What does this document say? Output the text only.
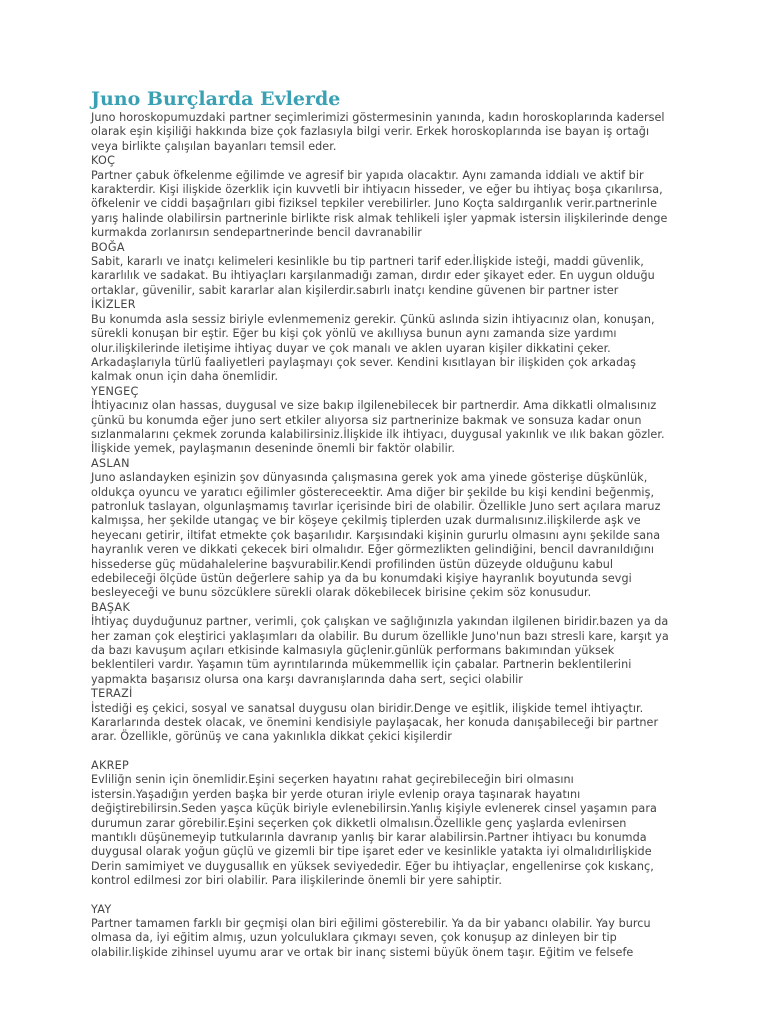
Juno Burçlarda Evlerde
Juno horoskopumuzdaki partner seçimlerimizi göstermesinin yanında, kadın horoskoplarında kadersel
olarak eşin kişiliği hakkında bize çok fazlasıyla bilgi verir. Erkek horoskoplarında ise bayan iş ortağı
veya birlikte çalışılan bayanları temsil eder.
KOÇ
Partner çabuk öfkelenme eğilimde ve agresif bir yapıda olacaktır. Aynı zamanda iddialı ve aktif bir
karakterdir. Kişi ilişkide özerklik için kuvvetli bir ihtiyacın hisseder, ve eğer bu ihtiyaç boşa çıkarılırsa,
öfkelenir ve ciddi başağrıları gibi fiziksel tepkiler verebilirler. Juno Koçta saldırganlık verir.partnerinle
yarış halinde olabilirsin partnerinle birlikte risk almak tehlikeli işler yapmak istersin ilişkilerinde denge
kurmakda zorlanırsın sendepartnerinde bencil davranabilir
BOĞA
Sabit, kararlı ve inatçı kelimeleri kesinlikle bu tip partneri tarif eder.İlişkide isteği, maddi güvenlik,
kararlılık ve sadakat. Bu ihtiyaçları karşılanmadığı zaman, dırdır eder şikayet eder. En uygun olduğu
ortaklar, güvenilir, sabit kararlar alan kişilerdir.sabırlı inatçı kendine güvenen bir partner ister
İKİZLER
Bu konumda asla sessiz biriyle evlenmemeniz gerekir. Çünkü aslında sizin ihtiyacınız olan, konuşan,
sürekli konuşan bir eştir. Eğer bu kişi çok yönlü ve akıllıysa bunun aynı zamanda size yardımı
olur.ilişkilerinde iletişime ihtiyaç duyar ve çok manalı ve aklen uyaran kişiler dikkatini çeker.
Arkadaşlarıyla türlü faaliyetleri paylaşmayı çok sever. Kendini kısıtlayan bir ilişkiden çok arkadaş
kalmak onun için daha önemlidir.
YENGEÇ
İhtiyacınız olan hassas, duygusal ve size bakıp ilgilenebilecek bir partnerdir. Ama dikkatli olmalısınız
çünkü bu konumda eğer juno sert etkiler alıyorsa siz partnerinize bakmak ve sonsuza kadar onun
sızlanmalarını çekmek zorunda kalabilirsiniz.İlişkide ilk ihtiyacı, duygusal yakınlık ve ılık bakan gözler.
İlişkide yemek, paylaşmanın deseninde önemli bir faktör olabilir.
ASLAN
Juno aslandayken eşinizin şov dünyasında çalışmasına gerek yok ama yinede gösterişe düşkünlük,
oldukça oyuncu ve yaratıcı eğilimler göstereceektir. Ama diğer bir şekilde bu kişi kendini beğenmiş,
patronluk taslayan, olgunlaşmamış tavırlar içerisinde biri de olabilir. Özellikle Juno sert açılara maruz
kalmışsa, her şekilde utangaç ve bir köşeye çekilmiş tiplerden uzak durmalısınız.ilişkilerde aşk ve
heyecanı getirir, iltifat etmekte çok başarılıdır. Karşısındaki kişinin gururlu olmasını aynı şekilde sana
hayranlık veren ve dikkati çekecek biri olmalıdır. Eğer görmezlikten gelindiğini, bencil davranıldığını
hissederse güç müdahalelerine başvurabilir.Kendi profilinden üstün düzeyde olduğunu kabul
edebileceği ölçüde üstün değerlere sahip ya da bu konumdaki kişiye hayranlık boyutunda sevgi
besleyeceği ve bunu sözcüklere sürekli olarak dökebilecek birisine çekim söz konusudur.
BAŞAK
İhtiyaç duyduğunuz partner, verimli, çok çalışkan ve sağlığınızla yakından ilgilenen biridir.bazen ya da
her zaman çok eleştirici yaklaşımları da olabilir. Bu durum özellikle Juno'nun bazı stresli kare, karşıt ya
da bazı kavuşum açıları etkisinde kalmasıyla güçlenir.günlük performans bakımından yüksek
beklentileri vardır. Yaşamın tüm ayrıntılarında mükemmellik için çabalar. Partnerin beklentilerini
yapmakta başarısız olursa ona karşı davranışlarında daha sert, seçici olabilir
TERAZİ
İstediği eş çekici, sosyal ve sanatsal duygusu olan biridir.Denge ve eşitlik, ilişkide temel ihtiyaçtır.
Kararlarında destek olacak, ve önemini kendisiyle paylaşacak, her konuda danışabileceği bir partner
arar. Özellikle, görünüş ve cana yakınlıkla dikkat çekici kişilerdir
AKREP
Evliliğn senin için önemlidir.Eşini seçerken hayatını rahat geçirebileceğin biri olmasını
istersin.Yaşadığın yerden başka bir yerde oturan iriyle evlenip oraya taşınarak hayatını
değiştirebilirsin.Seden yaşca küçük biriyle evlenebilirsin.Yanlış kişiyle evlenerek cinsel yaşamın para
durumun zarar görebilir.Eşini seçerken çok dikketli olmalısın.Özellikle genç yaşlarda evlenirsen
mantıklı düşünemeyip tutkularınla davranıp yanlış bir karar alabilirsin.Partner ihtiyacı bu konumda
duygusal olarak yoğun güçlü ve gizemli bir tipe işaret eder ve kesinlikle yatakta iyi olmalıdırİlişkide
Derin samimiyet ve duygusallık en yüksek seviyededir. Eğer bu ihtiyaçlar, engellenirse çok kıskanç,
kontrol edilmesi zor biri olabilir. Para ilişkilerinde önemli bir yere sahiptir.
YAY
Partner tamamen farklı bir geçmişi olan biri eğilimi gösterebilir. Ya da bir yabancı olabilir. Yay burcu
olmasa da, iyi eğitim almış, uzun yolculuklara çıkmayı seven, çok konuşup az dinleyen bir tip
olabilir.lişkide zihinsel uyumu arar ve ortak bir inanç sistemi büyük önem taşır. Eğitim ve felsefe
